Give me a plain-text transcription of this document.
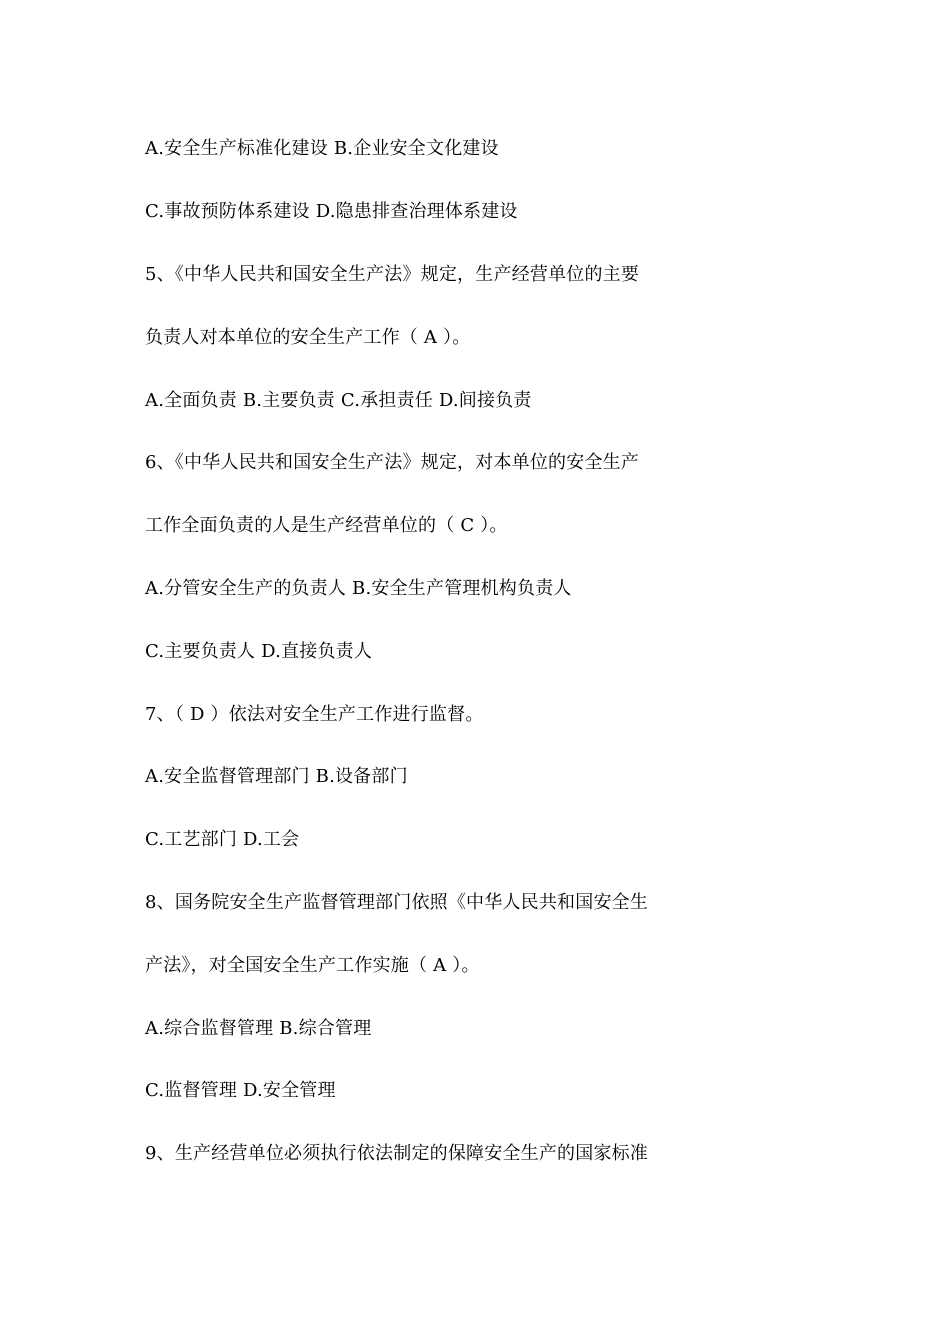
A.安全生产标准化建设 B.企业安全文化建设
C.事故预防体系建设 D.隐患排查治理体系建设
5、《中华人民共和国安全生产法》规定，生产经营单位的主要
负责人对本单位的安全生产工作（ A ）。
A.全面负责 B.主要负责 C.承担责任 D.间接负责
6、《中华人民共和国安全生产法》规定，对本单位的安全生产
工作全面负责的人是生产经营单位的（ C ）。
A.分管安全生产的负责人 B.安全生产管理机构负责人
C.主要负责人 D.直接负责人
7、（ D ）依法对安全生产工作进行监督。
A.安全监督管理部门 B.设备部门
C.工艺部门 D.工会
8、国务院安全生产监督管理部门依照《中华人民共和国安全生
产法》，对全国安全生产工作实施（ A ）。
A.综合监督管理 B.综合管理
C.监督管理 D.安全管理
9、生产经营单位必须执行依法制定的保障安全生产的国家标准
